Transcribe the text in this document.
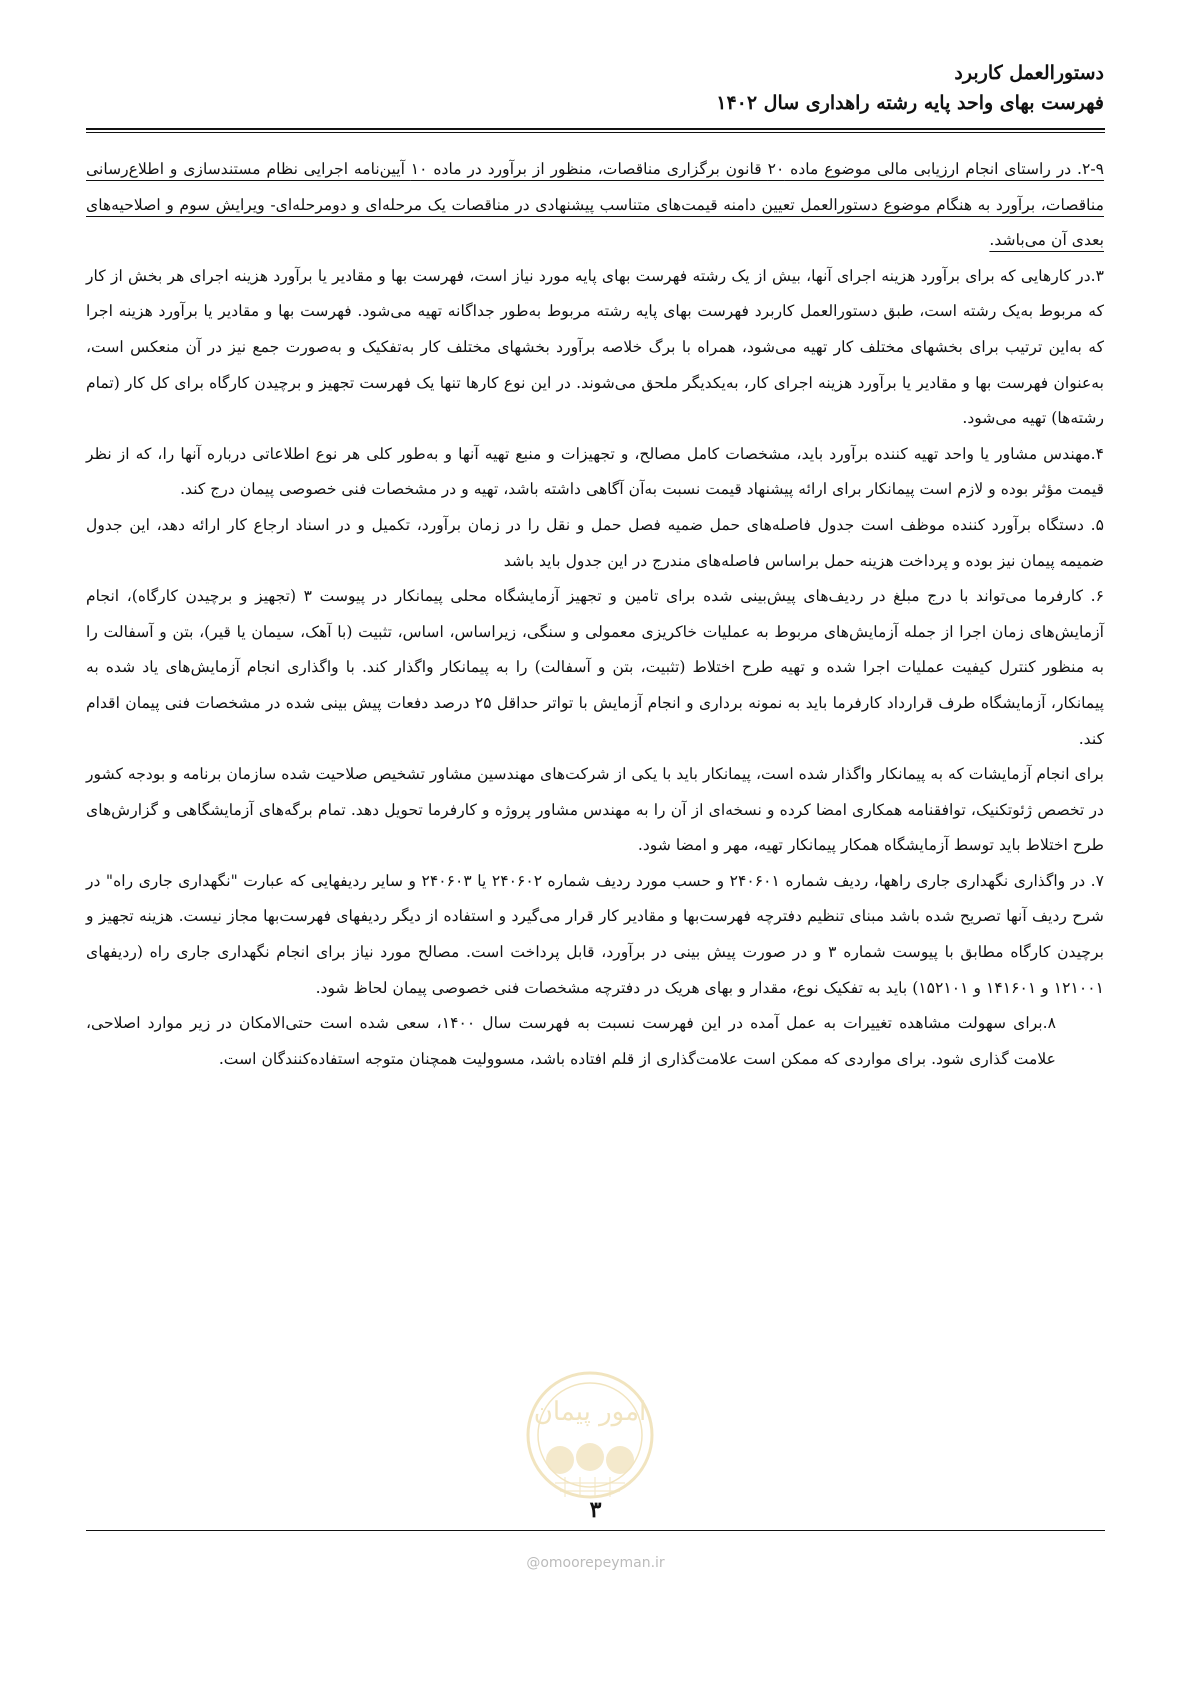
دستورالعمل کاربرد
فهرست بهای واحد پایه رشته راهداری سال ۱۴۰۲

۲-۹. در راستای انجام ارزیابی مالی موضوع ماده ۲۰ قانون برگزاری مناقصات، منظور از برآورد در ماده ۱۰ آیین‌نامه اجرایی نظام مستندسازی و اطلاع‌رسانی مناقصات، برآورد به هنگام موضوع دستورالعمل تعیین دامنه قیمت‌های متناسب پیشنهادی در مناقصات یک مرحله‌ای و دومرحله‌ای- ویرایش سوم و اصلاحیه‌های بعدی آن می‌باشد.

۳.در کارهایی که برای برآورد هزینه اجرای آنها، بیش از یک رشته فهرست بهای پایه مورد نیاز است، فهرست بها و مقادیر یا برآورد هزینه اجرای هر بخش از کار که مربوط به‌یک رشته است، طبق دستورالعمل کاربرد فهرست بهای پایه رشته مربوط به‌طور جداگانه تهیه می‌شود. فهرست بها و مقادیر یا برآورد هزینه اجرا که به‌این ترتیب برای بخشهای مختلف کار تهیه می‌شود، همراه با برگ خلاصه برآورد بخشهای مختلف کار به‌تفکیک و به‌صورت جمع نیز در آن منعکس است، به‌عنوان فهرست بها و مقادیر یا برآورد هزینه اجرای کار، به‌یکدیگر ملحق می‌شوند. در این نوع کارها تنها یک فهرست تجهیز و برچیدن کارگاه برای کل کار (تمام رشته‌ها) تهیه می‌شود.

۴.مهندس مشاور یا واحد تهیه کننده برآورد باید، مشخصات کامل مصالح، و تجهیزات و منبع تهیه آنها و به‌طور کلی هر نوع اطلاعاتی درباره آنها را، که از نظر قیمت مؤثر بوده و لازم است پیمانکار برای ارائه پیشنهاد قیمت نسبت به‌آن آگاهی داشته باشد، تهیه و در مشخصات فنی خصوصی پیمان درج کند.

۵. دستگاه برآورد کننده موظف است جدول فاصله‌های حمل ضمیه فصل حمل و نقل را در زمان برآورد، تکمیل و در اسناد ارجاع کار ارائه دهد، این جدول ضمیمه پیمان نیز بوده و پرداخت هزینه حمل براساس فاصله‌های مندرج در این جدول باید باشد

۶. کارفرما می‌تواند با درج مبلغ در ردیف‌های پیش‌بینی شده برای تامین و تجهیز آزمایشگاه محلی پیمانکار در پیوست ۳ (تجهیز و برچیدن کارگاه)، انجام آزمایش‌های زمان اجرا از جمله آزمایش‌های مربوط به عملیات خاکریزی معمولی و سنگی، زیراساس، اساس، تثبیت (با آهک، سیمان یا قیر)، بتن و آسفالت را به منظور کنترل کیفیت عملیات اجرا شده و تهیه طرح اختلاط (تثبیت، بتن و آسفالت) را به پیمانکار واگذار کند. با واگذاری انجام آزمایش‌های یاد شده به پیمانکار، آزمایشگاه طرف قرارداد کارفرما باید به نمونه برداری و انجام آزمایش با تواتر حداقل ۲۵ درصد دفعات پیش بینی شده در مشخصات فنی پیمان اقدام کند.

برای انجام آزمایشات که به پیمانکار واگذار شده است، پیمانکار باید با یکی از شرکت‌های مهندسین مشاور تشخیص صلاحیت شده سازمان برنامه و بودجه کشور در تخصص ژئوتکنیک، توافقنامه همکاری امضا کرده و نسخه‌ای از آن را به مهندس مشاور پروژه و کارفرما تحویل دهد. تمام برگه‌های آزمایشگاهی و گزارش‌های طرح اختلاط باید توسط آزمایشگاه همکار پیمانکار تهیه، مهر و امضا شود.

۷. در واگذاری نگهداری جاری راهها، ردیف شماره ۲۴۰۶۰۱ و حسب مورد ردیف شماره ۲۴۰۶۰۲ یا ۲۴۰۶۰۳ و سایر ردیفهایی که عبارت "نگهداری جاری راه" در شرح ردیف آنها تصریح شده باشد مبنای تنظیم دفترچه فهرست‌بها و مقادیر کار قرار می‌گیرد و استفاده از دیگر ردیفهای فهرست‌بها مجاز نیست. هزینه تجهیز و برچیدن کارگاه مطابق با پیوست شماره ۳ و در صورت پیش بینی در برآورد، قابل پرداخت است. مصالح مورد نیاز برای انجام نگهداری جاری راه (ردیفهای ۱۲۱۰۰۱ و ۱۴۱۶۰۱ و ۱۵۲۱۰۱) باید به تفکیک نوع، مقدار و بهای هریک در دفترچه مشخصات فنی خصوصی پیمان لحاظ شود.

۸.برای سهولت مشاهده تغییرات به عمل آمده در این فهرست نسبت به فهرست سال ۱۴۰۰، سعی شده است حتی‌الامکان در زیر موارد اصلاحی، علامت گذاری شود. برای مواردی که ممکن است علامت‌گذاری از قلم افتاده باشد، مسوولیت همچنان متوجه استفاده‌کنندگان است.

امور پیمان
۳
@omoorepeyman.ir
